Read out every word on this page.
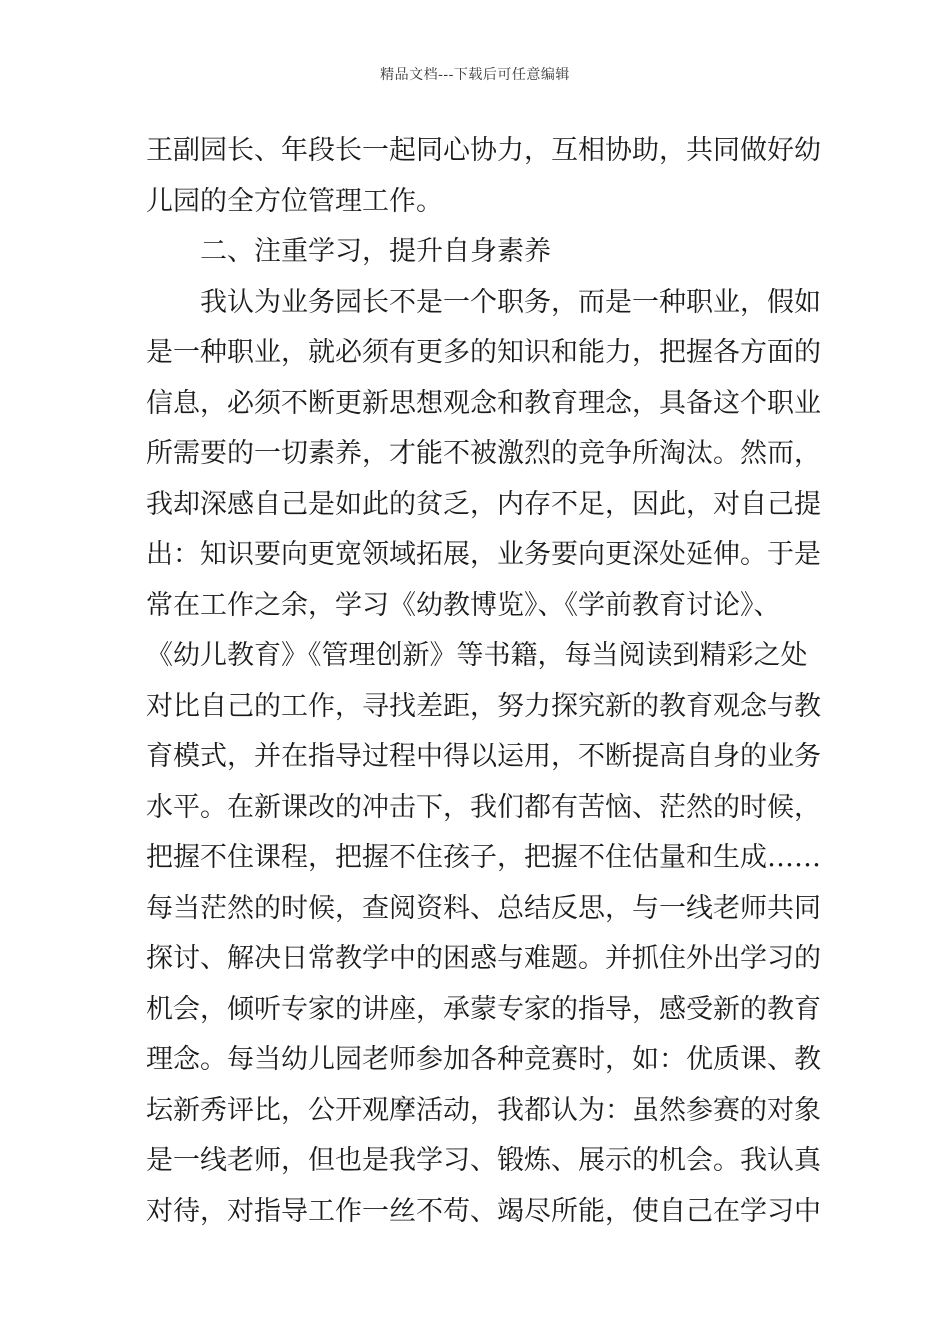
精品文档---下载后可任意编辑
王副园长、年段长一起同心协力，互相协助，共同做好幼
儿园的全方位管理工作。
二、注重学习，提升自身素养
我认为业务园长不是一个职务，而是一种职业，假如
是一种职业，就必须有更多的知识和能力，把握各方面的
信息，必须不断更新思想观念和教育理念，具备这个职业
所需要的一切素养，才能不被激烈的竞争所淘汰。然而，
我却深感自己是如此的贫乏，内存不足，因此，对自己提
出：知识要向更宽领域拓展，业务要向更深处延伸。于是
常在工作之余，学习《幼教博览》、《学前教育讨论》、
《幼儿教育》《管理创新》等书籍，每当阅读到精彩之处
对比自己的工作，寻找差距，努力探究新的教育观念与教
育模式，并在指导过程中得以运用，不断提高自身的业务
水平。在新课改的冲击下，我们都有苦恼、茫然的时候，
把握不住课程，把握不住孩子，把握不住估量和生成……
每当茫然的时候，查阅资料、总结反思，与一线老师共同
探讨、解决日常教学中的困惑与难题。并抓住外出学习的
机会，倾听专家的讲座，承蒙专家的指导，感受新的教育
理念。每当幼儿园老师参加各种竞赛时，如：优质课、教
坛新秀评比，公开观摩活动，我都认为：虽然参赛的对象
是一线老师，但也是我学习、锻炼、展示的机会。我认真
对待，对指导工作一丝不苟、竭尽所能，使自己在学习中
